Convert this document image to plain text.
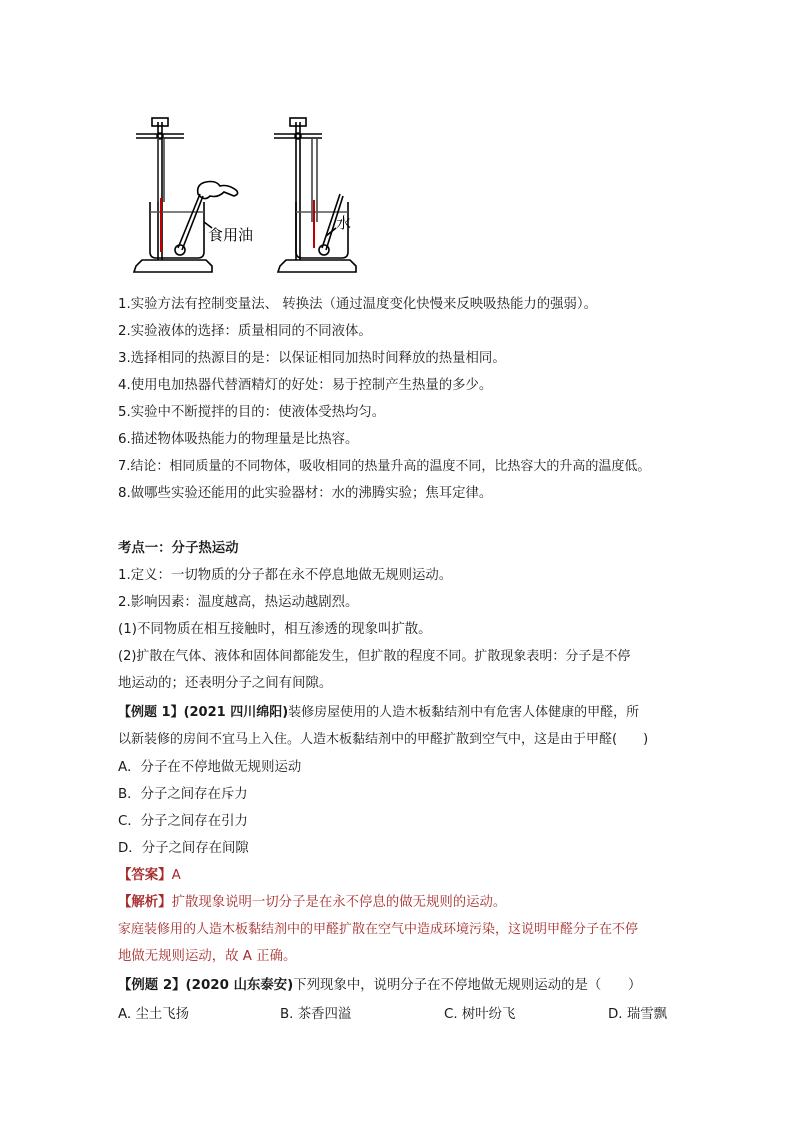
食用油
水
1.实验方法有控制变量法、 转换法（通过温度变化快慢来反映吸热能力的强弱）。
2.实验液体的选择：质量相同的不同液体。
3.选择相同的热源目的是：以保证相同加热时间释放的热量相同。
4.使用电加热器代替酒精灯的好处：易于控制产生热量的多少。
5.实验中不断搅拌的目的：使液体受热均匀。
6.描述物体吸热能力的物理量是比热容。
7.结论：相同质量的不同物体，吸收相同的热量升高的温度不同，比热容大的升高的温度低。
8.做哪些实验还能用的此实验器材：水的沸腾实验；焦耳定律。
考点一：分子热运动
1.定义：一切物质的分子都在永不停息地做无规则运动。
2.影响因素：温度越高，热运动越剧烈。
(1)不同物质在相互接触时，相互渗透的现象叫扩散。
(2)扩散在气体、液体和固体间都能发生，但扩散的程度不同。扩散现象表明：分子是不停
地运动的；还表明分子之间有间隙。
【例题 1】(2021 四川绵阳)装修房屋使用的人造木板黏结剂中有危害人体健康的甲醛，所
以新装修的房间不宜马上入住。人造木板黏结剂中的甲醛扩散到空气中，这是由于甲醛(　　)
A．分子在不停地做无规则运动
B．分子之间存在斥力
C．分子之间存在引力
D．分子之间存在间隙
【答案】A
【解析】扩散现象说明一切分子是在永不停息的做无规则的运动。
家庭装修用的人造木板黏结剂中的甲醛扩散在空气中造成环境污染，这说明甲醛分子在不停
地做无规则运动，故 A 正确。
【例题 2】(2020 山东泰安)下列现象中，说明分子在不停地做无规则运动的是（　　）
A. 尘土飞扬	B. 茶香四溢	C. 树叶纷飞	D. 瑞雪飘
